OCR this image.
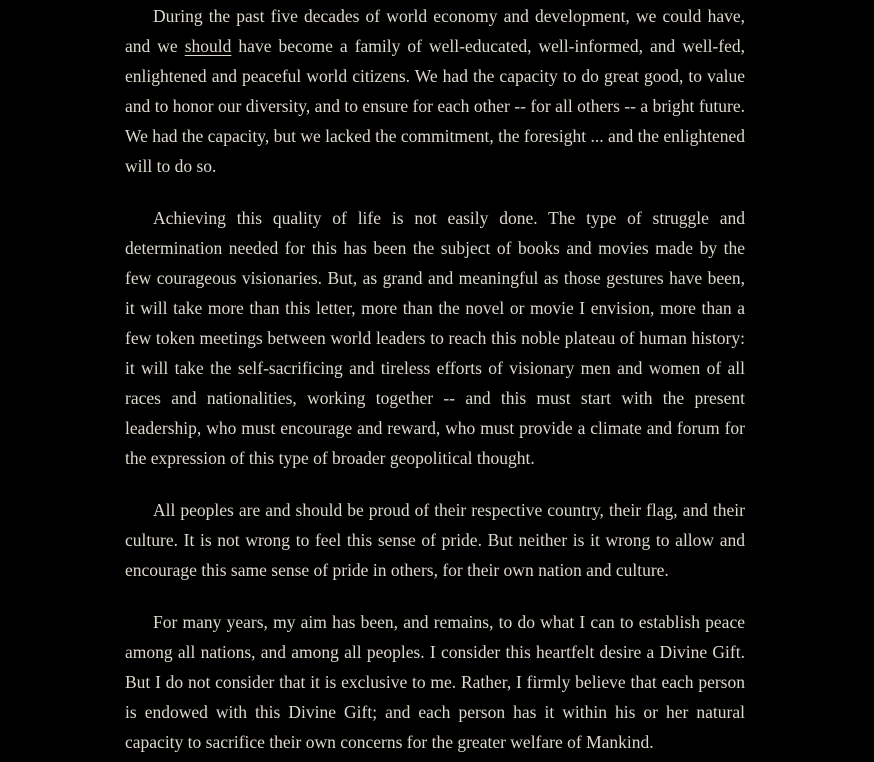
During the past five decades of world economy and development, we could have, and we should have become a family of well-educated, well-informed, and well-fed, enlightened and peaceful world citizens. We had the capacity to do great good, to value and to honor our diversity, and to ensure for each other -- for all others -- a bright future. We had the capacity, but we lacked the commitment, the foresight ... and the enlightened will to do so.

Achieving this quality of life is not easily done. The type of struggle and determination needed for this has been the subject of books and movies made by the few courageous visionaries. But, as grand and meaningful as those gestures have been, it will take more than this letter, more than the novel or movie I envision, more than a few token meetings between world leaders to reach this noble plateau of human history: it will take the self-sacrificing and tireless efforts of visionary men and women of all races and nationalities, working together -- and this must start with the present leadership, who must encourage and reward, who must provide a climate and forum for the expression of this type of broader geopolitical thought.

All peoples are and should be proud of their respective country, their flag, and their culture. It is not wrong to feel this sense of pride. But neither is it wrong to allow and encourage this same sense of pride in others, for their own nation and culture.

For many years, my aim has been, and remains, to do what I can to establish peace among all nations, and among all peoples. I consider this heartfelt desire a Divine Gift. But I do not consider that it is exclusive to me. Rather, I firmly believe that each person is endowed with this Divine Gift; and each person has it within his or her natural capacity to sacrifice their own concerns for the greater welfare of Mankind.
